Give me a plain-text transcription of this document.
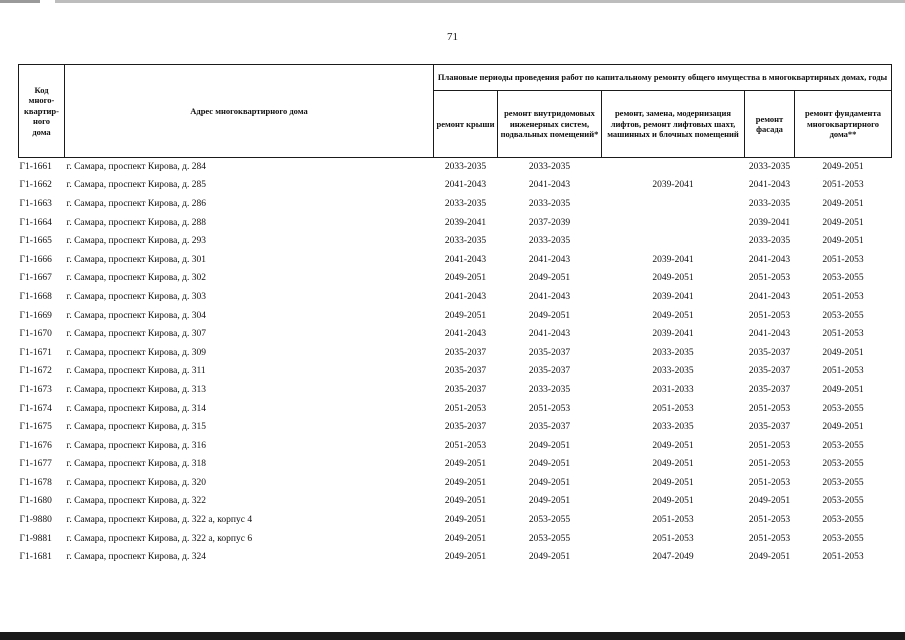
71
Код
много-
квартир-
ного
дома	Адрес многоквартирного дома	Плановые периоды проведения работ по капитальному ремонту общего имущества в многоквартирных домах, годы				
		ремонт крыши	ремонт внутридомовых инженерных систем, подвальных помещений*	ремонт, замена, модернизация лифтов, ремонт лифтовых шахт, машинных и блочных помещений	ремонт фасада	ремонт фундамента многоквартирного дома**
Г1-1661	г. Самара, проспект Кирова, д. 284	2033-2035	2033-2035		2033-2035	2049-2051
Г1-1662	г. Самара, проспект Кирова, д. 285	2041-2043	2041-2043	2039-2041	2041-2043	2051-2053
Г1-1663	г. Самара, проспект Кирова, д. 286	2033-2035	2033-2035		2033-2035	2049-2051
Г1-1664	г. Самара, проспект Кирова, д. 288	2039-2041	2037-2039		2039-2041	2049-2051
Г1-1665	г. Самара, проспект Кирова, д. 293	2033-2035	2033-2035		2033-2035	2049-2051
Г1-1666	г. Самара, проспект Кирова, д. 301	2041-2043	2041-2043	2039-2041	2041-2043	2051-2053
Г1-1667	г. Самара, проспект Кирова, д. 302	2049-2051	2049-2051	2049-2051	2051-2053	2053-2055
Г1-1668	г. Самара, проспект Кирова, д. 303	2041-2043	2041-2043	2039-2041	2041-2043	2051-2053
Г1-1669	г. Самара, проспект Кирова, д. 304	2049-2051	2049-2051	2049-2051	2051-2053	2053-2055
Г1-1670	г. Самара, проспект Кирова, д. 307	2041-2043	2041-2043	2039-2041	2041-2043	2051-2053
Г1-1671	г. Самара, проспект Кирова, д. 309	2035-2037	2035-2037	2033-2035	2035-2037	2049-2051
Г1-1672	г. Самара, проспект Кирова, д. 311	2035-2037	2035-2037	2033-2035	2035-2037	2051-2053
Г1-1673	г. Самара, проспект Кирова, д. 313	2035-2037	2033-2035	2031-2033	2035-2037	2049-2051
Г1-1674	г. Самара, проспект Кирова, д. 314	2051-2053	2051-2053	2051-2053	2051-2053	2053-2055
Г1-1675	г. Самара, проспект Кирова, д. 315	2035-2037	2035-2037	2033-2035	2035-2037	2049-2051
Г1-1676	г. Самара, проспект Кирова, д. 316	2051-2053	2049-2051	2049-2051	2051-2053	2053-2055
Г1-1677	г. Самара, проспект Кирова, д. 318	2049-2051	2049-2051	2049-2051	2051-2053	2053-2055
Г1-1678	г. Самара, проспект Кирова, д. 320	2049-2051	2049-2051	2049-2051	2051-2053	2053-2055
Г1-1680	г. Самара, проспект Кирова, д. 322	2049-2051	2049-2051	2049-2051	2049-2051	2053-2055
Г1-9880	г. Самара, проспект Кирова, д. 322 а, корпус 4	2049-2051	2053-2055	2051-2053	2051-2053	2053-2055
Г1-9881	г. Самара, проспект Кирова, д. 322 а, корпус 6	2049-2051	2053-2055	2051-2053	2051-2053	2053-2055
Г1-1681	г. Самара, проспект Кирова, д. 324	2049-2051	2049-2051	2047-2049	2049-2051	2051-2053
